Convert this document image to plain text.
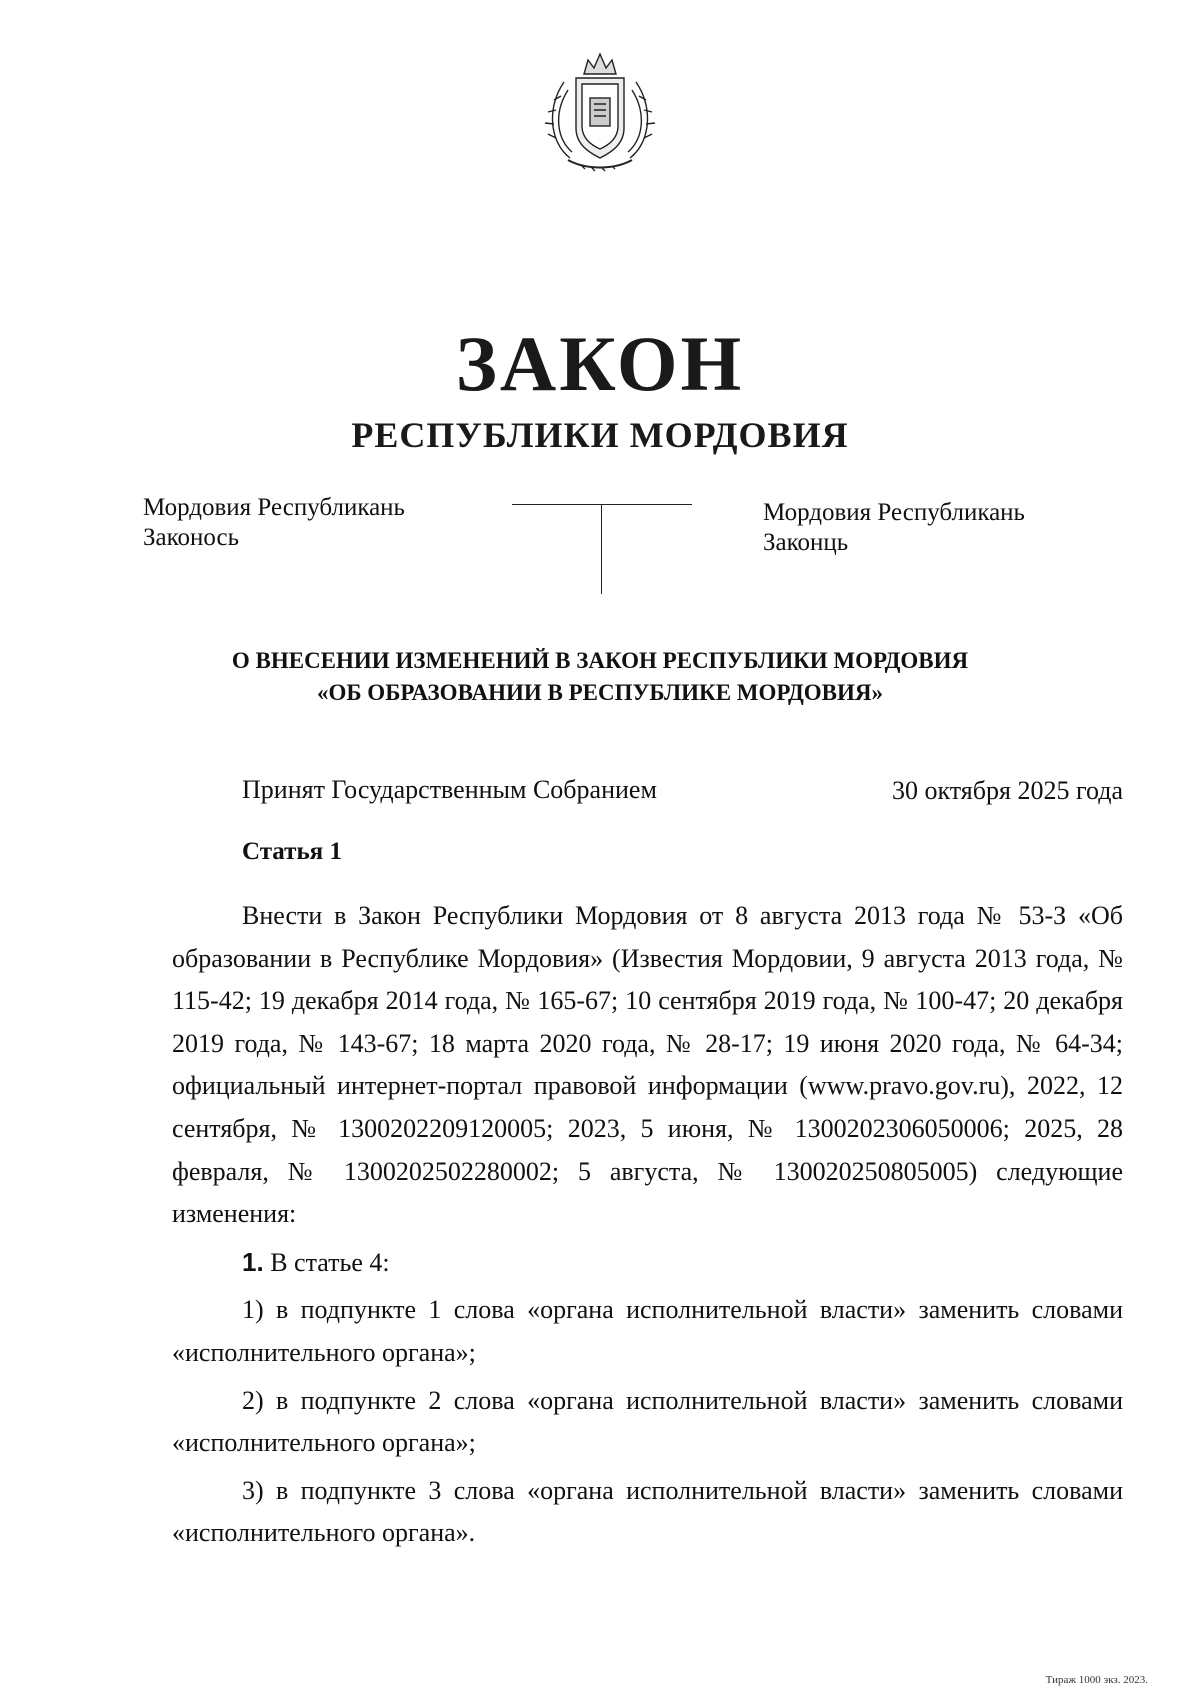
ЗАКОН
РЕСПУБЛИКИ МОРДОВИЯ
Мордовия Республикань
Законось
Мордовия Республикань
Законць
О ВНЕСЕНИИ ИЗМЕНЕНИЙ В ЗАКОН РЕСПУБЛИКИ МОРДОВИЯ
«ОБ ОБРАЗОВАНИИ В РЕСПУБЛИКЕ МОРДОВИЯ»
Принят Государственным Собранием	30 октября 2025 года
Статья 1

Внести в Закон Республики Мордовия от 8 августа 2013 года № 53-З «Об образовании в Республике Мордовия» (Известия Мордовии, 9 августа 2013 года, № 115-42; 19 декабря 2014 года, № 165-67; 10 сентября 2019 года, № 100-47; 20 декабря 2019 года, № 143-67; 18 марта 2020 года, № 28-17; 19 июня 2020 года, № 64-34; официальный интернет-портал правовой информации (www.pravo.gov.ru), 2022, 12 сентября, № 1300202209120005; 2023, 5 июня, № 1300202306050006; 2025, 28 февраля, № 1300202502280002; 5 августа, № 130020250805005) следующие изменения:

1. В статье 4:

1) в подпункте 1 слова «органа исполнительной власти» заменить словами «исполнительного органа»;

2) в подпункте 2 слова «органа исполнительной власти» заменить словами «исполнительного органа»;

3) в подпункте 3 слова «органа исполнительной власти» заменить словами «исполнительного органа».

Тираж 1000 экз. 2023.
